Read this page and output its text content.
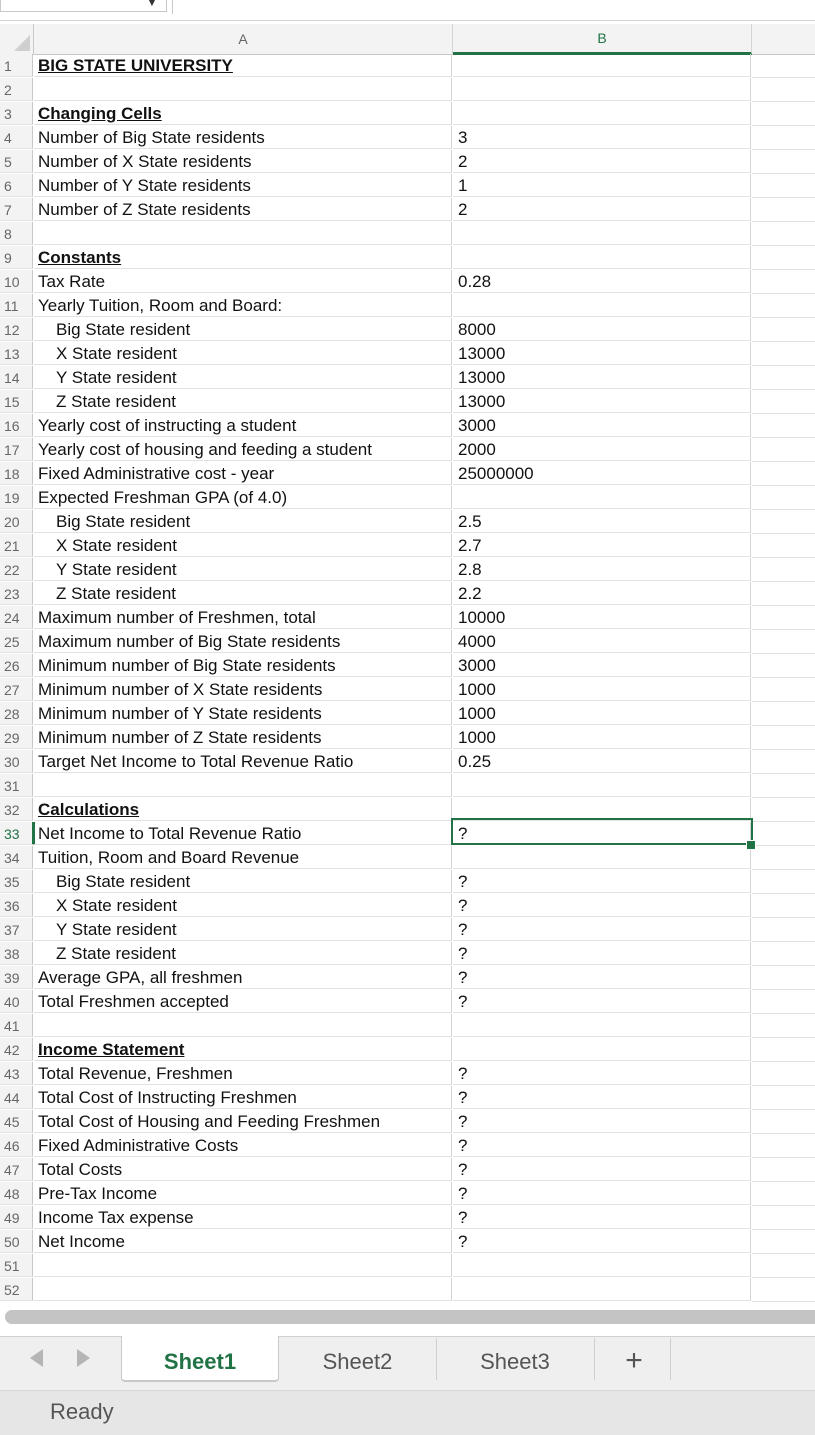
▼
A	B
1	BIG STATE UNIVERSITY
2
3	Changing Cells
4	Number of Big State residents	3
5	Number of X State residents	2
6	Number of Y State residents	1
7	Number of Z State residents	2
8
9	Constants
10	Tax Rate	0.28
11	Yearly Tuition, Room and Board:
12	Big State resident	8000
13	X State resident	13000
14	Y State resident	13000
15	Z State resident	13000
16	Yearly cost of instructing a student	3000
17	Yearly cost of housing and feeding a student	2000
18	Fixed Administrative cost - year	25000000
19	Expected Freshman GPA (of 4.0)
20	Big State resident	2.5
21	X State resident	2.7
22	Y State resident	2.8
23	Z State resident	2.2
24	Maximum number of Freshmen, total	10000
25	Maximum number of Big State residents	4000
26	Minimum number of Big State residents	3000
27	Minimum number of X State residents	1000
28	Minimum number of Y State residents	1000
29	Minimum number of Z State residents	1000
30	Target Net Income to Total Revenue Ratio	0.25
31
32	Calculations
33	Net Income to Total Revenue Ratio	?
34	Tuition, Room and Board Revenue
35	Big State resident	?
36	X State resident	?
37	Y State resident	?
38	Z State resident	?
39	Average GPA, all freshmen	?
40	Total Freshmen accepted	?
41
42	Income Statement
43	Total Revenue, Freshmen	?
44	Total Cost of Instructing Freshmen	?
45	Total Cost of Housing and Feeding Freshmen	?
46	Fixed Administrative Costs	?
47	Total Costs	?
48	Pre-Tax Income	?
49	Income Tax expense	?
50	Net Income	?
51
52
Sheet1	Sheet2	Sheet3	+
Ready
